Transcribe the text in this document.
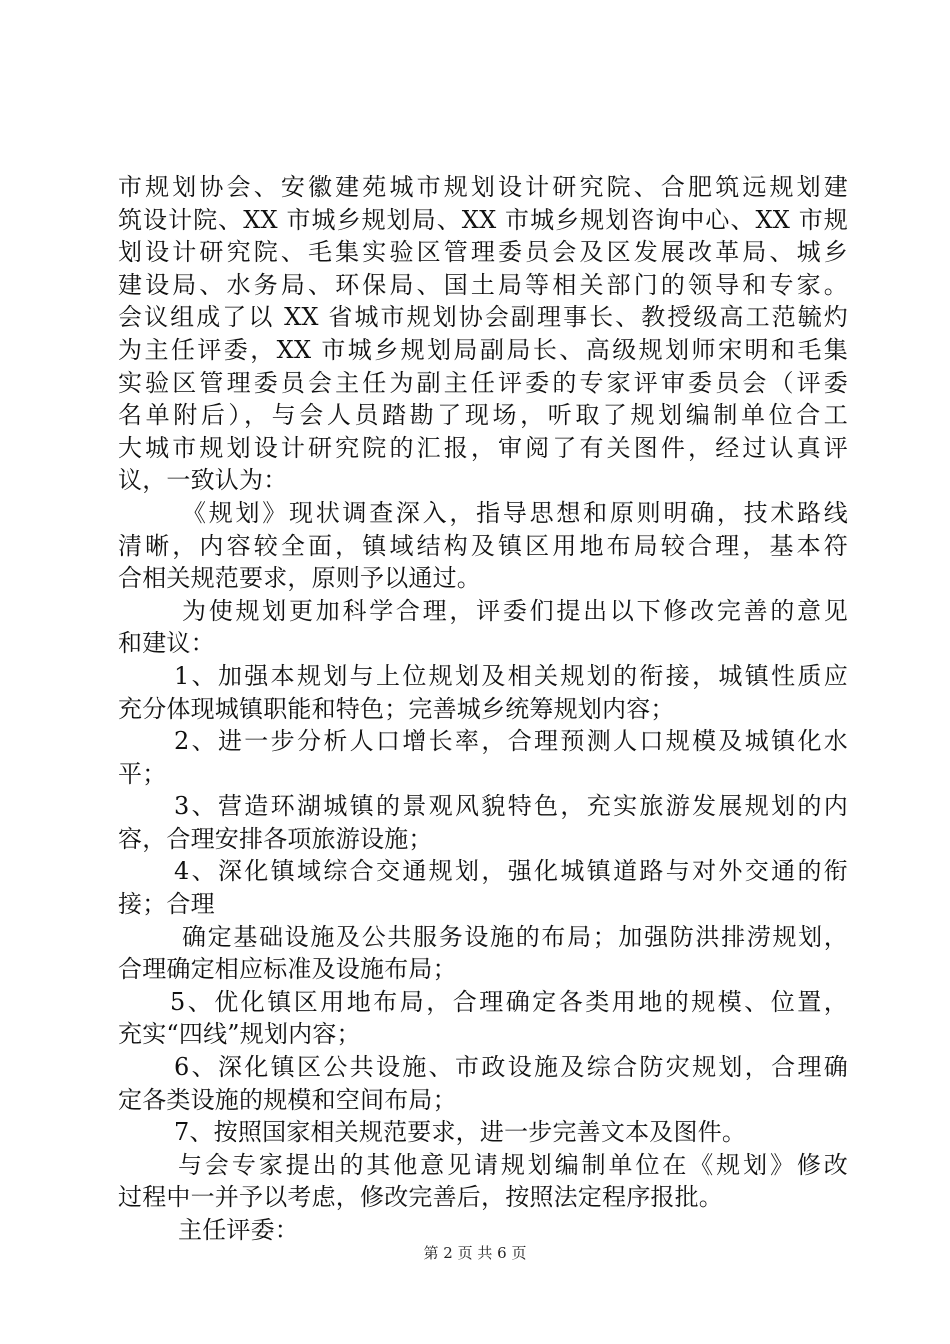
市规划协会、安徽建苑城市规划设计研究院、合肥筑远规划建
筑设计院、XX 市城乡规划局、XX 市城乡规划咨询中心、XX 市规
划设计研究院、毛集实验区管理委员会及区发展改革局、城乡
建设局、水务局、环保局、国土局等相关部门的领导和专家。
会议组成了以 XX 省城市规划协会副理事长、教授级高工范毓灼
为主任评委，XX 市城乡规划局副局长、高级规划师宋明和毛集
实验区管理委员会主任为副主任评委的专家评审委员会（评委
名单附后），与会人员踏勘了现场，听取了规划编制单位合工
大城市规划设计研究院的汇报，审阅了有关图件，经过认真评
议，一致认为：
《规划》现状调查深入，指导思想和原则明确，技术路线
清晰，内容较全面，镇域结构及镇区用地布局较合理，基本符
合相关规范要求，原则予以通过。
为使规划更加科学合理，评委们提出以下修改完善的意见
和建议：
1、加强本规划与上位规划及相关规划的衔接，城镇性质应
充分体现城镇职能和特色；完善城乡统筹规划内容；
2、进一步分析人口增长率，合理预测人口规模及城镇化水
平；
3、营造环湖城镇的景观风貌特色，充实旅游发展规划的内
容，合理安排各项旅游设施；
4、深化镇域综合交通规划，强化城镇道路与对外交通的衔
接；合理
确定基础设施及公共服务设施的布局；加强防洪排涝规划，
合理确定相应标准及设施布局；
5、优化镇区用地布局，合理确定各类用地的规模、位置，
充实“四线”规划内容；
6、深化镇区公共设施、市政设施及综合防灾规划，合理确
定各类设施的规模和空间布局；
7、按照国家相关规范要求，进一步完善文本及图件。
与会专家提出的其他意见请规划编制单位在《规划》修改
过程中一并予以考虑，修改完善后，按照法定程序报批。
主任评委：
第 2 页 共 6 页
